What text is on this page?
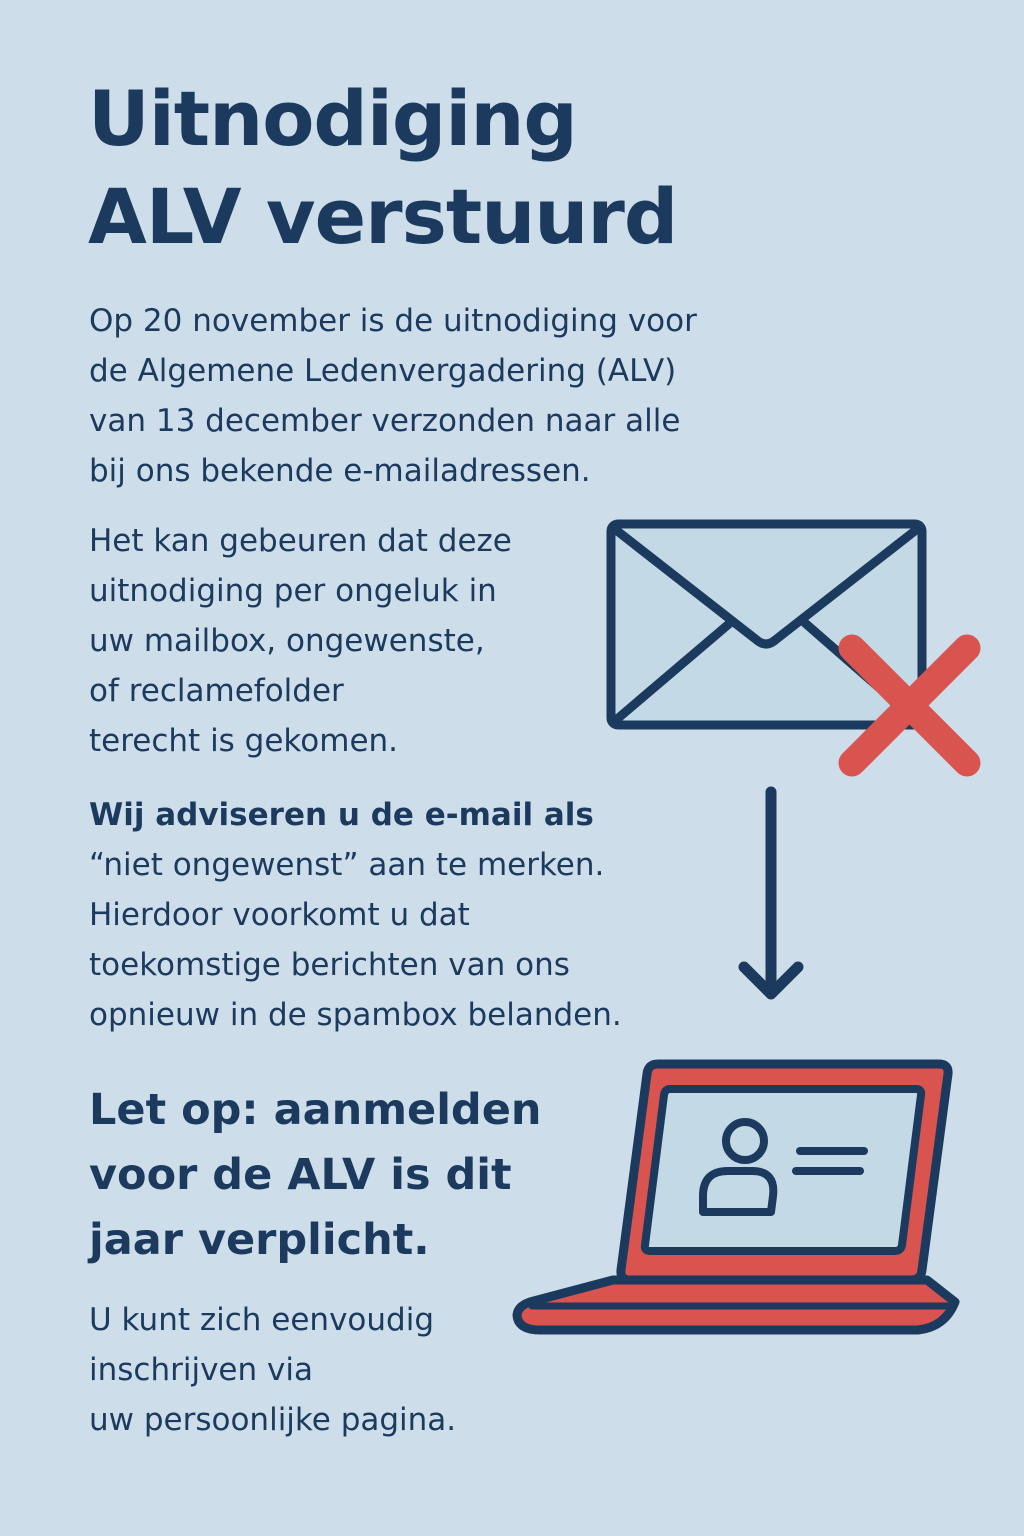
Uitnodiging
ALV verstuurd

Op 20 november is de uitnodiging voor
de Algemene Ledenvergadering (ALV)
van 13 december verzonden naar alle
bij ons bekende e-mailadressen.

Het kan gebeuren dat deze
uitnodiging per ongeluk in
uw mailbox, ongewenste,
of reclamefolder
terecht is gekomen.

Wij adviseren u de e-mail als
“niet ongewenst” aan te merken.
Hierdoor voorkomt u dat
toekomstige berichten van ons
opnieuw in de spambox belanden.

Let op: aanmelden
voor de ALV is dit
jaar verplicht.

U kunt zich eenvoudig
inschrijven via
uw persoonlijke pagina.
